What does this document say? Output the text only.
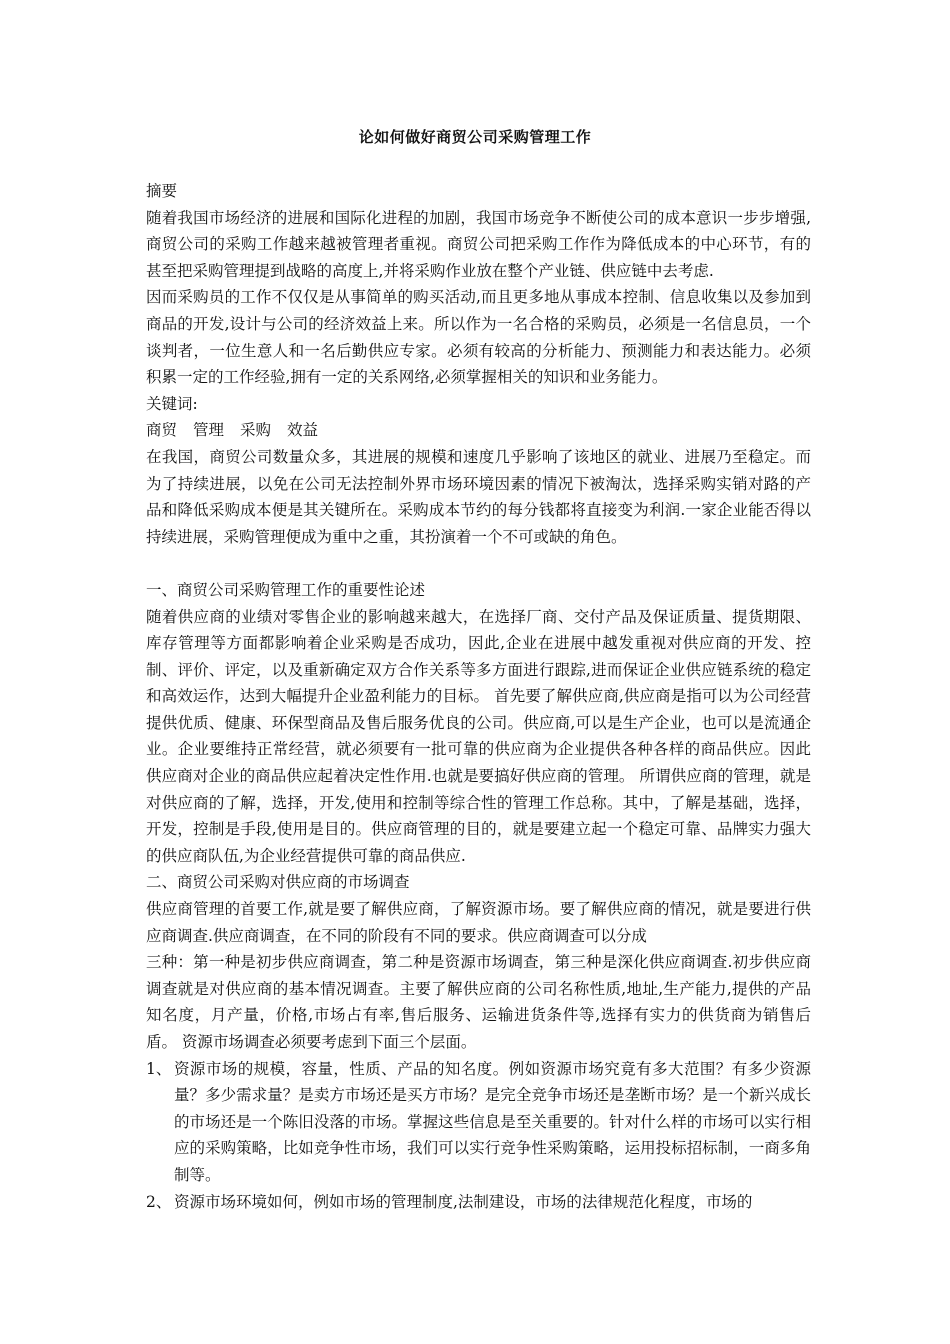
论如何做好商贸公司采购管理工作

摘要

随着我国市场经济的进展和国际化进程的加剧，我国市场竞争不断使公司的成本意识一步步增强,商贸公司的采购工作越来越被管理者重视。商贸公司把采购工作作为降低成本的中心环节，有的甚至把采购管理提到战略的高度上,并将采购作业放在整个产业链、供应链中去考虑.

因而采购员的工作不仅仅是从事简单的购买活动,而且更多地从事成本控制、信息收集以及参加到商品的开发,设计与公司的经济效益上来。所以作为一名合格的采购员，必须是一名信息员，一个谈判者，一位生意人和一名后勤供应专家。必须有较高的分析能力、预测能力和表达能力。必须积累一定的工作经验,拥有一定的关系网络,必须掌握相关的知识和业务能力。

关键词:

商贸 管理 采购 效益

在我国，商贸公司数量众多，其进展的规模和速度几乎影响了该地区的就业、进展乃至稳定。而为了持续进展，以免在公司无法控制外界市场环境因素的情况下被淘汰，选择采购实销对路的产品和降低采购成本便是其关键所在。采购成本节约的每分钱都将直接变为利润.一家企业能否得以持续进展，采购管理便成为重中之重，其扮演着一个不可或缺的角色。

一、商贸公司采购管理工作的重要性论述

随着供应商的业绩对零售企业的影响越来越大，在选择厂商、交付产品及保证质量、提货期限、库存管理等方面都影响着企业采购是否成功，因此,企业在进展中越发重视对供应商的开发、控制、评价、评定，以及重新确定双方合作关系等多方面进行跟踪,进而保证企业供应链系统的稳定和高效运作，达到大幅提升企业盈利能力的目标。 首先要了解供应商,供应商是指可以为公司经营提供优质、健康、环保型商品及售后服务优良的公司。供应商,可以是生产企业，也可以是流通企业。企业要维持正常经营，就必须要有一批可靠的供应商为企业提供各种各样的商品供应。因此供应商对企业的商品供应起着决定性作用.也就是要搞好供应商的管理。 所谓供应商的管理，就是对供应商的了解，选择，开发,使用和控制等综合性的管理工作总称。其中，了解是基础，选择，开发，控制是手段,使用是目的。供应商管理的目的，就是要建立起一个稳定可靠、品牌实力强大的供应商队伍,为企业经营提供可靠的商品供应.

二、商贸公司采购对供应商的市场调查

供应商管理的首要工作,就是要了解供应商，了解资源市场。要了解供应商的情况，就是要进行供应商调查.供应商调查，在不同的阶段有不同的要求。供应商调查可以分成

三种：第一种是初步供应商调查，第二种是资源市场调查，第三种是深化供应商调查.初步供应商调查就是对供应商的基本情况调查。主要了解供应商的公司名称性质,地址,生产能力,提供的产品知名度，月产量，价格,市场占有率,售后服务、运输进货条件等,选择有实力的供货商为销售后盾。 资源市场调查必须要考虑到下面三个层面。

1、 资源市场的规模，容量，性质、产品的知名度。例如资源市场究竟有多大范围？有多少资源量？多少需求量？是卖方市场还是买方市场？是完全竞争市场还是垄断市场？是一个新兴成长的市场还是一个陈旧没落的市场。掌握这些信息是至关重要的。针对什么样的市场可以实行相应的采购策略，比如竞争性市场，我们可以实行竞争性采购策略，运用投标招标制，一商多角制等。
2、 资源市场环境如何，例如市场的管理制度,法制建设，市场的法律规范化程度，市场的
